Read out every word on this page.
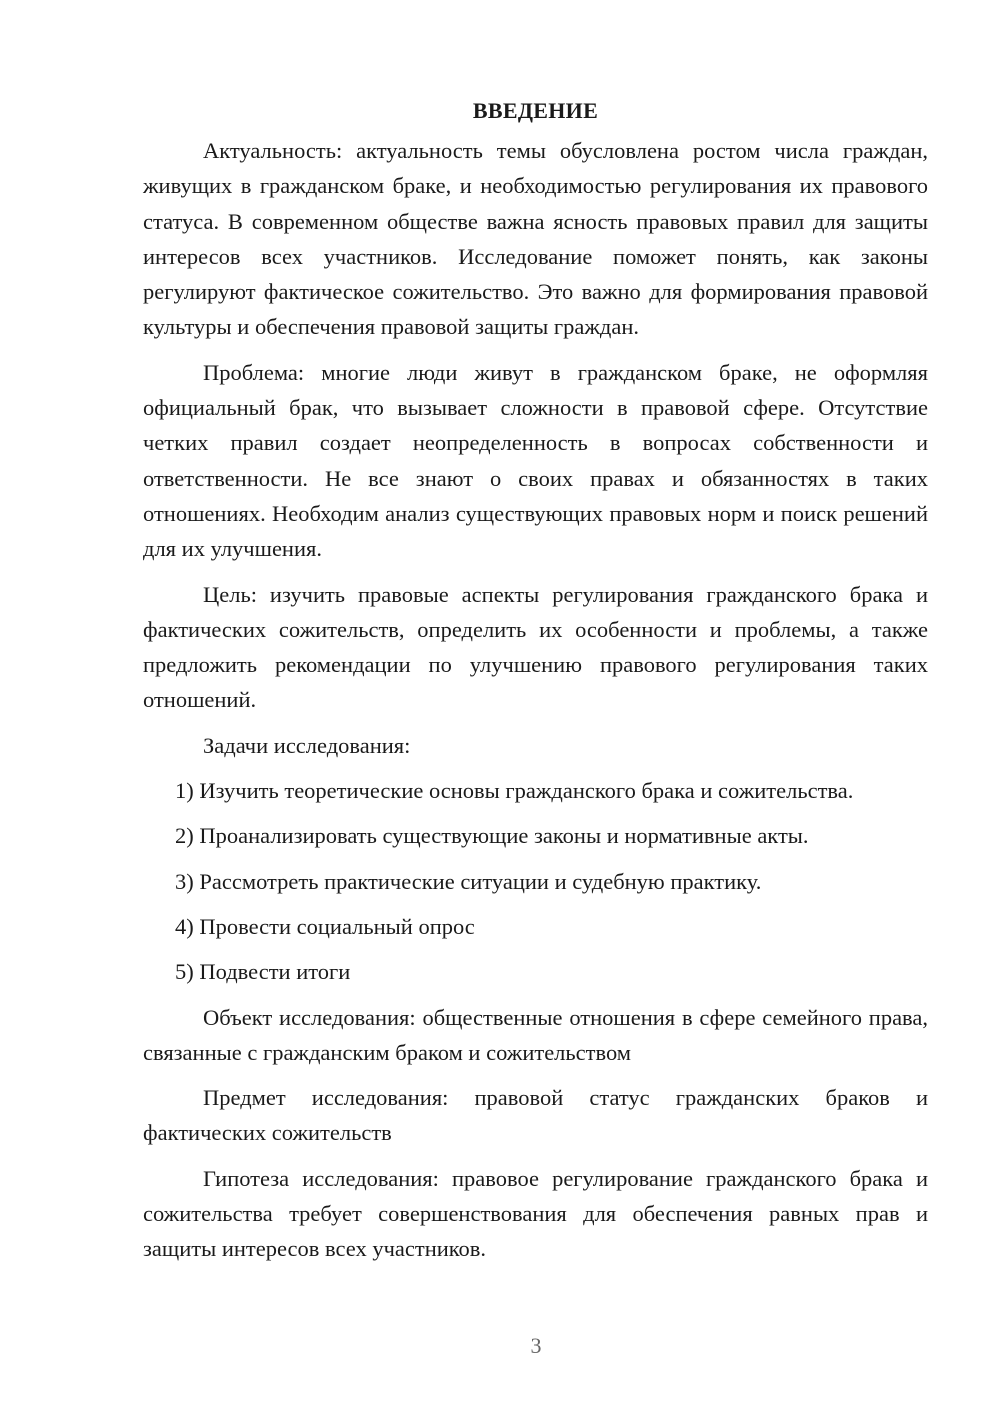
ВВЕДЕНИЕ

Актуальность: актуальность темы обусловлена ростом числа граждан, живущих в гражданском браке, и необходимостью регулирования их правового статуса. В современном обществе важна ясность правовых правил для защиты интересов всех участников. Исследование поможет понять, как законы регулируют фактическое сожительство. Это важно для формирования правовой культуры и обеспечения правовой защиты граждан.

Проблема: многие люди живут в гражданском браке, не оформляя официальный брак, что вызывает сложности в правовой сфере. Отсутствие четких правил создает неопределенность в вопросах собственности и ответственности. Не все знают о своих правах и обязанностях в таких отношениях. Необходим анализ существующих правовых норм и поиск решений для их улучшения.

Цель: изучить правовые аспекты регулирования гражданского брака и фактических сожительств, определить их особенности и проблемы, а также предложить рекомендации по улучшению правового регулирования таких отношений.

Задачи исследования:

1) Изучить теоретические основы гражданского брака и сожительства.
2) Проанализировать существующие законы и нормативные акты.
3) Рассмотреть практические ситуации и судебную практику.
4) Провести социальный опрос
5) Подвести итоги

Объект исследования: общественные отношения в сфере семейного права, связанные с гражданским браком и сожительством

Предмет исследования: правовой статус гражданских браков и фактических сожительств

Гипотеза исследования: правовое регулирование гражданского брака и сожительства требует совершенствования для обеспечения равных прав и защиты интересов всех участников.

3
